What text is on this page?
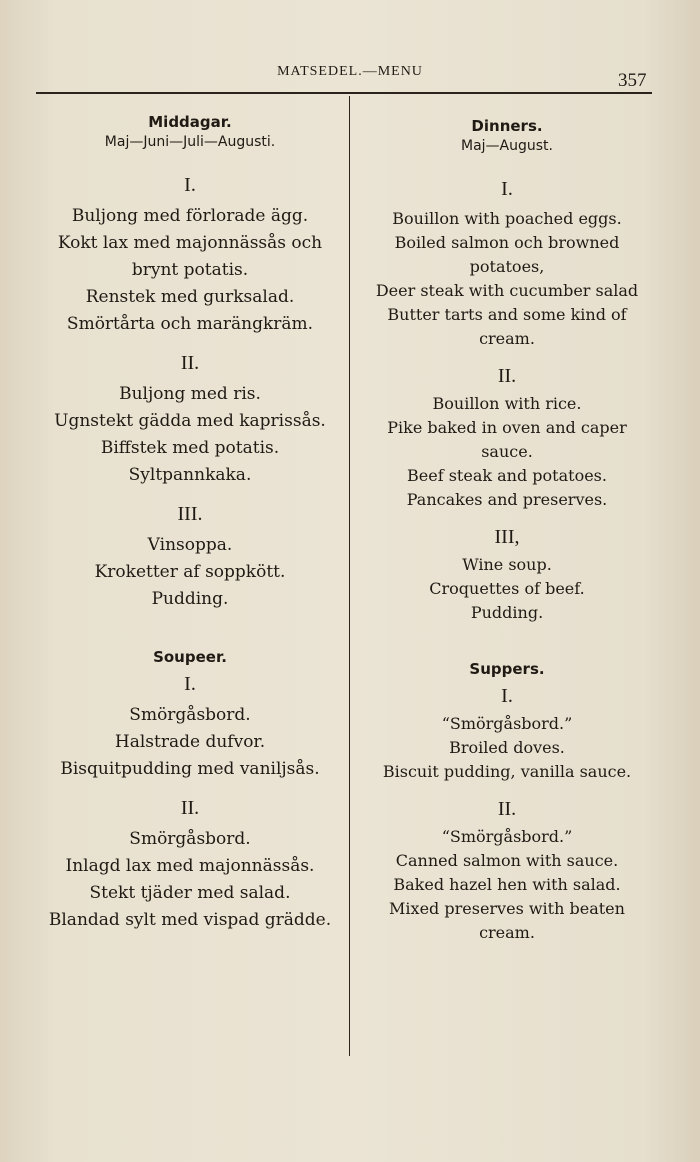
MATSEDEL.—MENU	357
Middagar.
Maj—Juni—Juli—Augusti.
I.

Buljong med förlorade ägg.

Kokt lax med majonnässås och

brynt potatis.

Renstek med gurksalad.

Smörtårta och marängkräm.

II.

Buljong med ris.

Ugnstekt gädda med kaprissås.

Biffstek med potatis.

Syltpannkaka.

III.

Vinsoppa.

Kroketter af soppkött.

Pudding.

Soupeer.
I.

Smörgåsbord.

Halstrade dufvor.

Bisquitpudding med vaniljsås.

II.

Smörgåsbord.

Inlagd lax med majonnässås.

Stekt tjäder med salad.

Blandad sylt med vispad grädde.

Dinners.
Maj—August.
I.

Bouillon with poached eggs.

Boiled salmon och browned

potatoes,

Deer steak with cucumber salad

Butter tarts and some kind of

cream.

II.

Bouillon with rice.

Pike baked in oven and caper

sauce.

Beef steak and potatoes.

Pancakes and preserves.

III,

Wine soup.

Croquettes of beef.

Pudding.

Suppers.
I.

“Smörgåsbord.”

Broiled doves.

Biscuit pudding, vanilla sauce.

II.

“Smörgåsbord.”

Canned salmon with sauce.

Baked hazel hen with salad.

Mixed preserves with beaten

cream.
